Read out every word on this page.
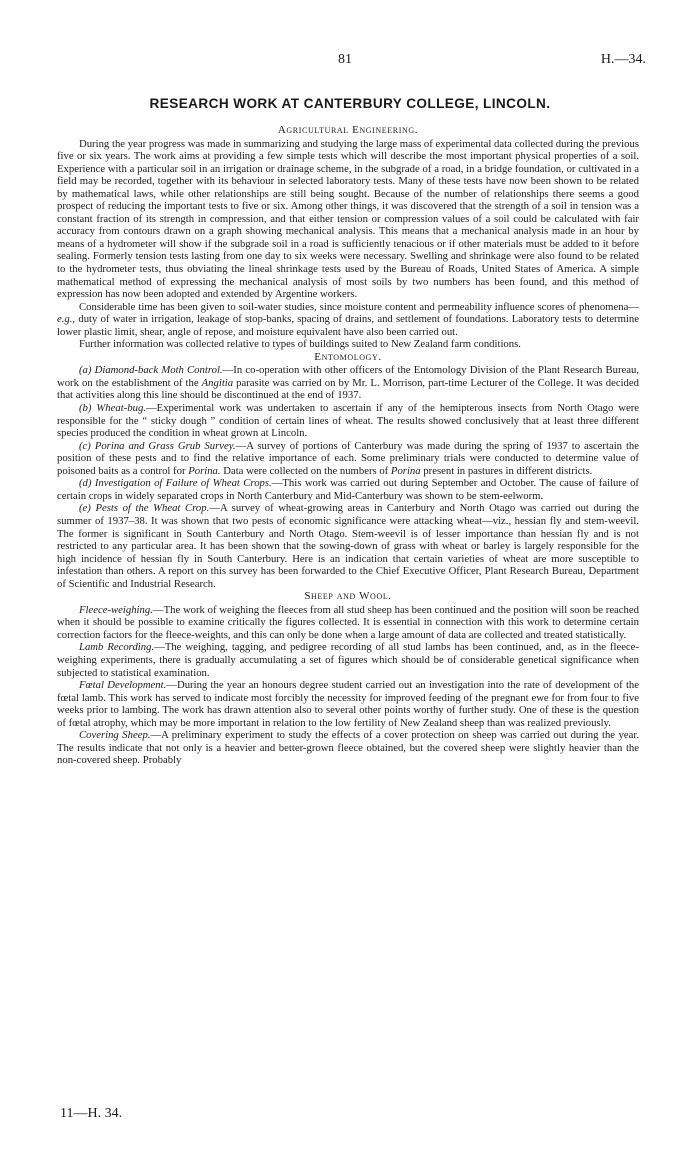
81	H.—34.
RESEARCH WORK AT CANTERBURY COLLEGE, LINCOLN.
Agricultural Engineering.

During the year progress was made in summarizing and studying the large mass of experimental data collected during the previous five or six years. The work aims at providing a few simple tests which will describe the most important physical properties of a soil. Experience with a particular soil in an irrigation or drainage scheme, in the subgrade of a road, in a bridge foundation, or cultivated in a field may be recorded, together with its behaviour in selected laboratory tests. Many of these tests have now been shown to be related by mathematical laws, while other relationships are still being sought. Because of the number of relationships there seems a good prospect of reducing the important tests to five or six. Among other things, it was discovered that the strength of a soil in tension was a constant fraction of its strength in compression, and that either tension or compression values of a soil could be calculated with fair accuracy from contours drawn on a graph showing mechanical analysis. This means that a mechanical analysis made in an hour by means of a hydrometer will show if the subgrade soil in a road is sufficiently tenacious or if other materials must be added to it before sealing. Formerly tension tests lasting from one day to six weeks were necessary. Swelling and shrinkage were also found to be related to the hydrometer tests, thus obviating the lineal shrinkage tests used by the Bureau of Roads, United States of America. A simple mathematical method of expressing the mechanical analysis of most soils by two numbers has been found, and this method of expression has now been adopted and extended by Argentine workers.

Considerable time has been given to soil-water studies, since moisture content and permeability influence scores of phenomena—e.g., duty of water in irrigation, leakage of stop-banks, spacing of drains, and settlement of foundations. Laboratory tests to determine lower plastic limit, shear, angle of repose, and moisture equivalent have also been carried out.

Further information was collected relative to types of buildings suited to New Zealand farm conditions.

Entomology.

(a) Diamond-back Moth Control.—In co-operation with other officers of the Entomology Division of the Plant Research Bureau, work on the establishment of the Angitia parasite was carried on by Mr. L. Morrison, part-time Lecturer of the College. It was decided that activities along this line should be discontinued at the end of 1937.

(b) Wheat-bug.—Experimental work was undertaken to ascertain if any of the hemipterous insects from North Otago were responsible for the “ sticky dough ” condition of certain lines of wheat. The results showed conclusively that at least three different species produced the condition in wheat grown at Lincoln.

(c) Porina and Grass Grub Survey.—A survey of portions of Canterbury was made during the spring of 1937 to ascertain the position of these pests and to find the relative importance of each. Some preliminary trials were conducted to determine value of poisoned baits as a control for Porina. Data were collected on the numbers of Porina present in pastures in different districts.

(d) Investigation of Failure of Wheat Crops.—This work was carried out during September and October. The cause of failure of certain crops in widely separated crops in North Canterbury and Mid-Canterbury was shown to be stem-eelworm.

(e) Pests of the Wheat Crop.—A survey of wheat-growing areas in Canterbury and North Otago was carried out during the summer of 1937–38. It was shown that two pests of economic significance were attacking wheat—viz., hessian fly and stem-weevil. The former is significant in South Canterbury and North Otago. Stem-weevil is of lesser importance than hessian fly and is not restricted to any particular area. It has been shown that the sowing-down of grass with wheat or barley is largely responsible for the high incidence of hessian fly in South Canterbury. Here is an indication that certain varieties of wheat are more susceptible to infestation than others. A report on this survey has been forwarded to the Chief Executive Officer, Plant Research Bureau, Department of Scientific and Industrial Research.

Sheep and Wool.

Fleece-weighing.—The work of weighing the fleeces from all stud sheep has been continued and the position will soon be reached when it should be possible to examine critically the figures collected. It is essential in connection with this work to determine certain correction factors for the fleece-weights, and this can only be done when a large amount of data are collected and treated statistically.

Lamb Recording.—The weighing, tagging, and pedigree recording of all stud lambs has been continued, and, as in the fleece-weighing experiments, there is gradually accumulating a set of figures which should be of considerable genetical significance when subjected to statistical examination.

Fœtal Development.—During the year an honours degree student carried out an investigation into the rate of development of the fœtal lamb. This work has served to indicate most forcibly the necessity for improved feeding of the pregnant ewe for from four to five weeks prior to lambing. The work has drawn attention also to several other points worthy of further study. One of these is the question of fœtal atrophy, which may be more important in relation to the low fertility of New Zealand sheep than was realized previously.

Covering Sheep.—A preliminary experiment to study the effects of a cover protection on sheep was carried out during the year. The results indicate that not only is a heavier and better-grown fleece obtained, but the covered sheep were slightly heavier than the non-covered sheep. Probably

11—H. 34.
